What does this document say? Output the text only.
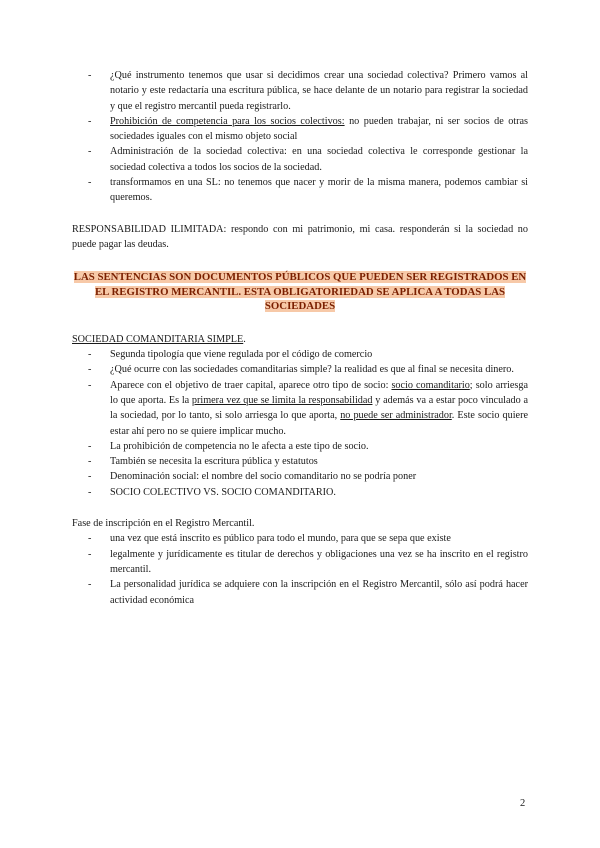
- ¿Qué instrumento tenemos que usar si decidimos crear una sociedad colectiva? Primero vamos al notario y este redactaría una escritura pública, se hace delante de un notario para registrar la sociedad y que el registro mercantil pueda registrarlo.
- Prohibición de competencia para los socios colectivos: no pueden trabajar, ni ser socios de otras sociedades iguales con el mismo objeto social
- Administración de la sociedad colectiva: en una sociedad colectiva le corresponde gestionar la sociedad colectiva a todos los socios de la sociedad.
- transformamos en una SL: no tenemos que nacer y morir de la misma manera, podemos cambiar si queremos.

RESPONSABILIDAD ILIMITADA: respondo con mi patrimonio, mi casa. responderán si la sociedad no puede pagar las deudas.

LAS SENTENCIAS SON DOCUMENTOS PÚBLICOS QUE PUEDEN SER REGISTRADOS EN EL REGISTRO MERCANTIL. ESTA OBLIGATORIEDAD SE APLICA A TODAS LAS SOCIEDADES

SOCIEDAD COMANDITARIA SIMPLE.

- Segunda tipología que viene regulada por el código de comercio
- ¿Qué ocurre con las sociedades comanditarias simple? la realidad es que al final se necesita dinero.
- Aparece con el objetivo de traer capital, aparece otro tipo de socio: socio comanditario; solo arriesga lo que aporta. Es la primera vez que se limita la responsabilidad y además va a estar poco vinculado a la sociedad, por lo tanto, si solo arriesga lo que aporta, no puede ser administrador. Este socio quiere estar ahí pero no se quiere implicar mucho.
- La prohibición de competencia no le afecta a este tipo de socio.
- También se necesita la escritura pública y estatutos
- Denominación social: el nombre del socio comanditario no se podría poner
- SOCIO COLECTIVO VS. SOCIO COMANDITARIO.

Fase de inscripción en el Registro Mercantil.

- una vez que está inscrito es público para todo el mundo, para que se sepa que existe
- legalmente y jurídicamente es titular de derechos y obligaciones una vez se ha inscrito en el registro mercantil.
- La personalidad jurídica se adquiere con la inscripción en el Registro Mercantil, sólo así podrá hacer actividad económica
2
